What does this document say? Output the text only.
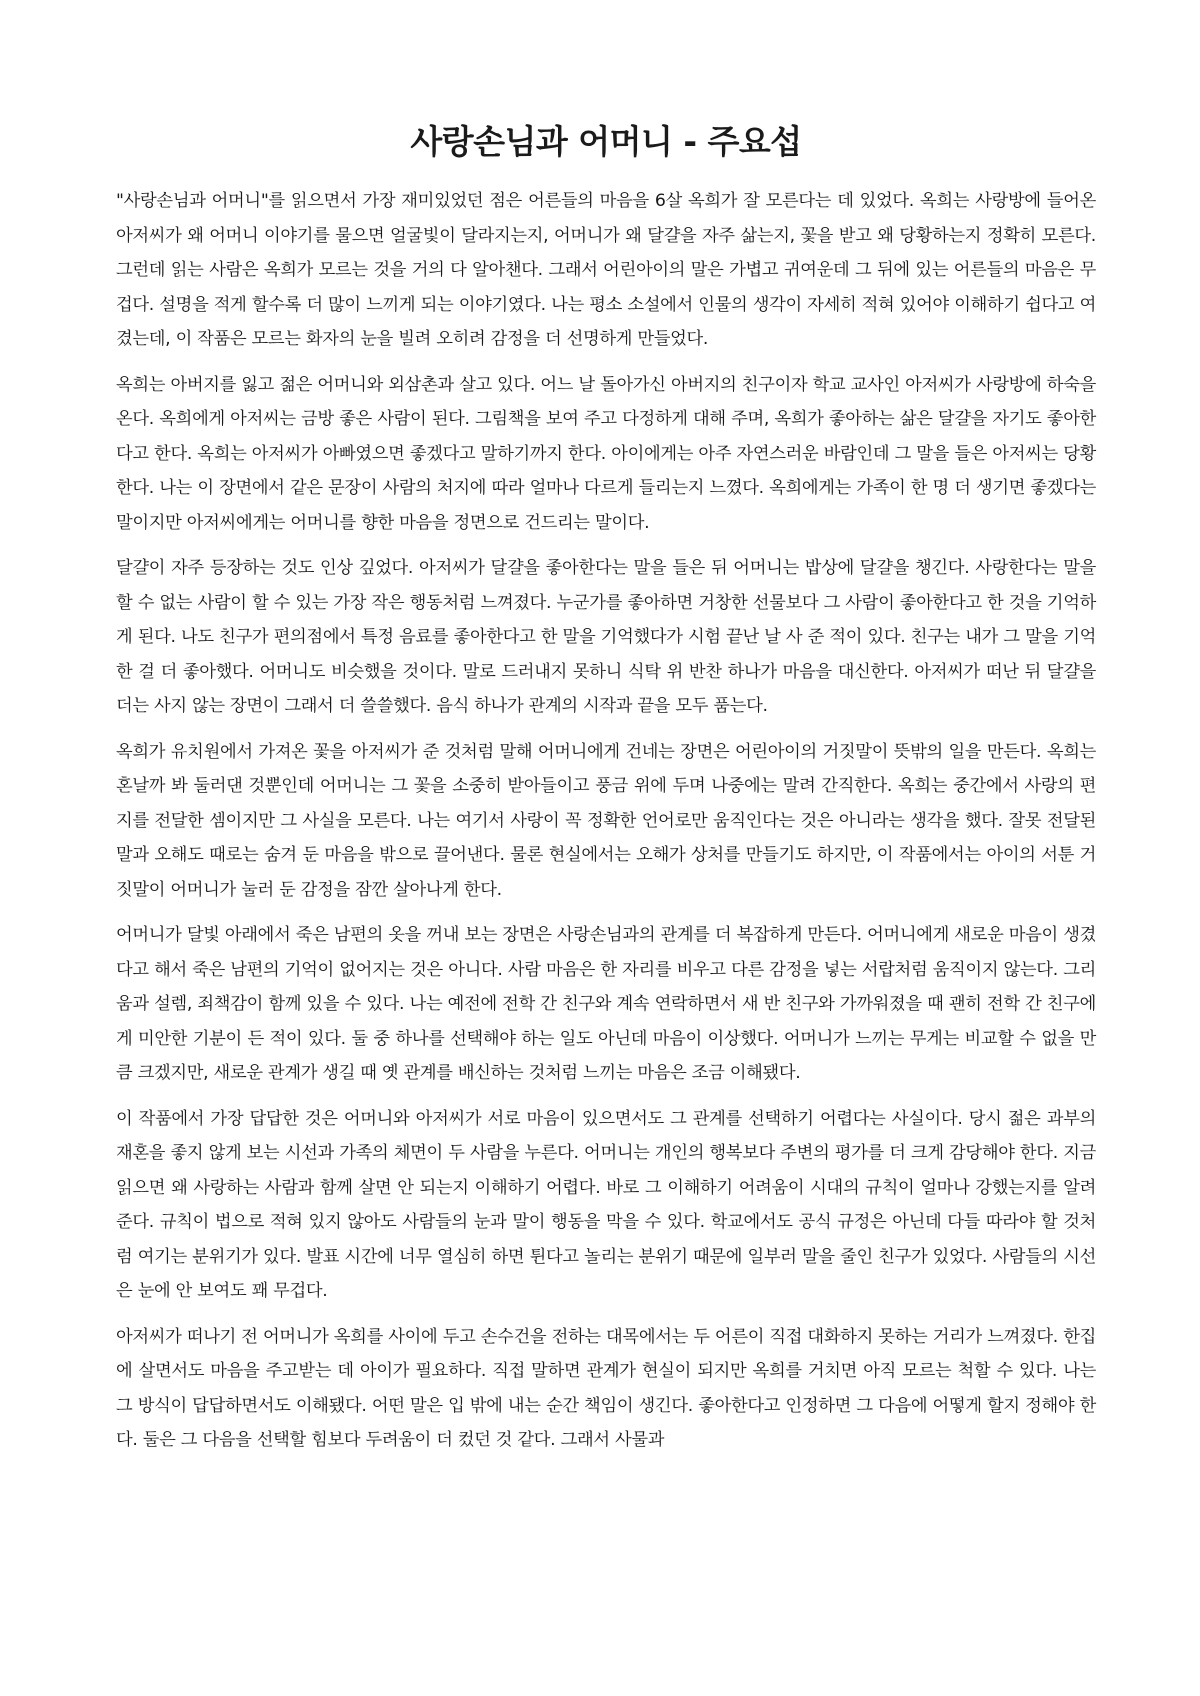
사랑손님과 어머니 - 주요섭

"사랑손님과 어머니"를 읽으면서 가장 재미있었던 점은 어른들의 마음을 6살 옥희가 잘 모른다는 데 있었다. 옥희는 사랑방에 들어온 아저씨가 왜 어머니 이야기를 물으면 얼굴빛이 달라지는지, 어머니가 왜 달걀을 자주 삶는지, 꽃을 받고 왜 당황하는지 정확히 모른다. 그런데 읽는 사람은 옥희가 모르는 것을 거의 다 알아챈다. 그래서 어린아이의 말은 가볍고 귀여운데 그 뒤에 있는 어른들의 마음은 무겁다. 설명을 적게 할수록 더 많이 느끼게 되는 이야기였다. 나는 평소 소설에서 인물의 생각이 자세히 적혀 있어야 이해하기 쉽다고 여겼는데, 이 작품은 모르는 화자의 눈을 빌려 오히려 감정을 더 선명하게 만들었다.

옥희는 아버지를 잃고 젊은 어머니와 외삼촌과 살고 있다. 어느 날 돌아가신 아버지의 친구이자 학교 교사인 아저씨가 사랑방에 하숙을 온다. 옥희에게 아저씨는 금방 좋은 사람이 된다. 그림책을 보여 주고 다정하게 대해 주며, 옥희가 좋아하는 삶은 달걀을 자기도 좋아한다고 한다. 옥희는 아저씨가 아빠였으면 좋겠다고 말하기까지 한다. 아이에게는 아주 자연스러운 바람인데 그 말을 들은 아저씨는 당황한다. 나는 이 장면에서 같은 문장이 사람의 처지에 따라 얼마나 다르게 들리는지 느꼈다. 옥희에게는 가족이 한 명 더 생기면 좋겠다는 말이지만 아저씨에게는 어머니를 향한 마음을 정면으로 건드리는 말이다.

달걀이 자주 등장하는 것도 인상 깊었다. 아저씨가 달걀을 좋아한다는 말을 들은 뒤 어머니는 밥상에 달걀을 챙긴다. 사랑한다는 말을 할 수 없는 사람이 할 수 있는 가장 작은 행동처럼 느껴졌다. 누군가를 좋아하면 거창한 선물보다 그 사람이 좋아한다고 한 것을 기억하게 된다. 나도 친구가 편의점에서 특정 음료를 좋아한다고 한 말을 기억했다가 시험 끝난 날 사 준 적이 있다. 친구는 내가 그 말을 기억한 걸 더 좋아했다. 어머니도 비슷했을 것이다. 말로 드러내지 못하니 식탁 위 반찬 하나가 마음을 대신한다. 아저씨가 떠난 뒤 달걀을 더는 사지 않는 장면이 그래서 더 쓸쓸했다. 음식 하나가 관계의 시작과 끝을 모두 품는다.

옥희가 유치원에서 가져온 꽃을 아저씨가 준 것처럼 말해 어머니에게 건네는 장면은 어린아이의 거짓말이 뜻밖의 일을 만든다. 옥희는 혼날까 봐 둘러댄 것뿐인데 어머니는 그 꽃을 소중히 받아들이고 풍금 위에 두며 나중에는 말려 간직한다. 옥희는 중간에서 사랑의 편지를 전달한 셈이지만 그 사실을 모른다. 나는 여기서 사랑이 꼭 정확한 언어로만 움직인다는 것은 아니라는 생각을 했다. 잘못 전달된 말과 오해도 때로는 숨겨 둔 마음을 밖으로 끌어낸다. 물론 현실에서는 오해가 상처를 만들기도 하지만, 이 작품에서는 아이의 서툰 거짓말이 어머니가 눌러 둔 감정을 잠깐 살아나게 한다.

어머니가 달빛 아래에서 죽은 남편의 옷을 꺼내 보는 장면은 사랑손님과의 관계를 더 복잡하게 만든다. 어머니에게 새로운 마음이 생겼다고 해서 죽은 남편의 기억이 없어지는 것은 아니다. 사람 마음은 한 자리를 비우고 다른 감정을 넣는 서랍처럼 움직이지 않는다. 그리움과 설렘, 죄책감이 함께 있을 수 있다. 나는 예전에 전학 간 친구와 계속 연락하면서 새 반 친구와 가까워졌을 때 괜히 전학 간 친구에게 미안한 기분이 든 적이 있다. 둘 중 하나를 선택해야 하는 일도 아닌데 마음이 이상했다. 어머니가 느끼는 무게는 비교할 수 없을 만큼 크겠지만, 새로운 관계가 생길 때 옛 관계를 배신하는 것처럼 느끼는 마음은 조금 이해됐다.

이 작품에서 가장 답답한 것은 어머니와 아저씨가 서로 마음이 있으면서도 그 관계를 선택하기 어렵다는 사실이다. 당시 젊은 과부의 재혼을 좋지 않게 보는 시선과 가족의 체면이 두 사람을 누른다. 어머니는 개인의 행복보다 주변의 평가를 더 크게 감당해야 한다. 지금 읽으면 왜 사랑하는 사람과 함께 살면 안 되는지 이해하기 어렵다. 바로 그 이해하기 어려움이 시대의 규칙이 얼마나 강했는지를 알려 준다. 규칙이 법으로 적혀 있지 않아도 사람들의 눈과 말이 행동을 막을 수 있다. 학교에서도 공식 규정은 아닌데 다들 따라야 할 것처럼 여기는 분위기가 있다. 발표 시간에 너무 열심히 하면 튄다고 놀리는 분위기 때문에 일부러 말을 줄인 친구가 있었다. 사람들의 시선은 눈에 안 보여도 꽤 무겁다.

아저씨가 떠나기 전 어머니가 옥희를 사이에 두고 손수건을 전하는 대목에서는 두 어른이 직접 대화하지 못하는 거리가 느껴졌다. 한집에 살면서도 마음을 주고받는 데 아이가 필요하다. 직접 말하면 관계가 현실이 되지만 옥희를 거치면 아직 모르는 척할 수 있다. 나는 그 방식이 답답하면서도 이해됐다. 어떤 말은 입 밖에 내는 순간 책임이 생긴다. 좋아한다고 인정하면 그 다음에 어떻게 할지 정해야 한다. 둘은 그 다음을 선택할 힘보다 두려움이 더 컸던 것 같다. 그래서 사물과
